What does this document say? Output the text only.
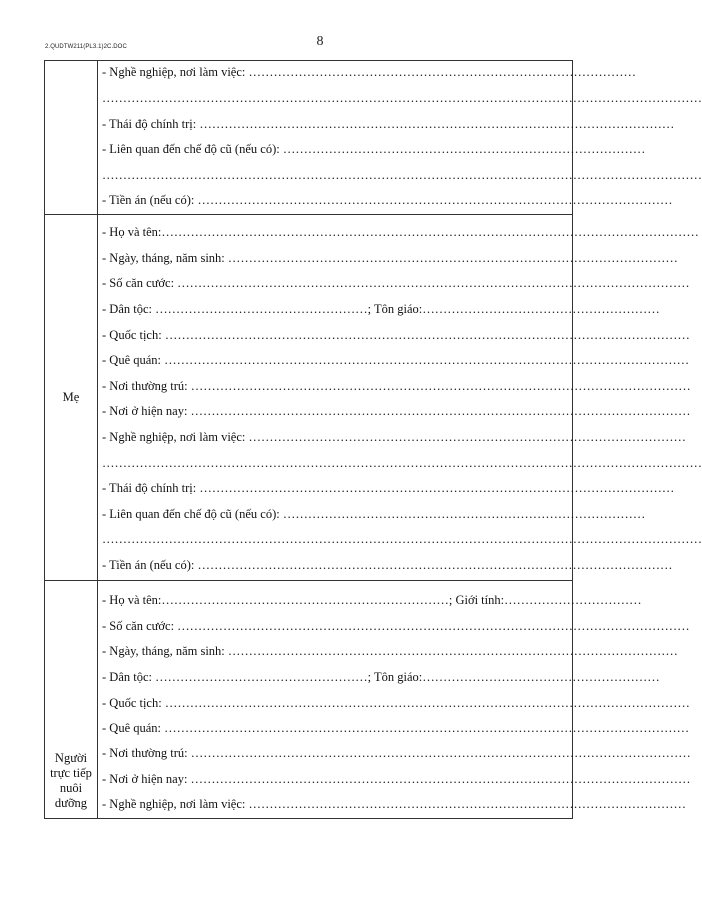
2.QUDTW211(PL3.1)2C.DOC	8
- Nghề nghiệp, nơi làm việc: …………………………………………………………………………………
………………………………………………………………………………………………………………………………
- Thái độ chính trị: ……………………………………………………………………………………………………
- Liên quan đến chế độ cũ (nếu có): ……………………………………………………………………………
………………………………………………………………………………………………………………………………
- Tiền án (nếu có): ……………………………………………………………………………………………………
Mẹ
- Họ và tên:…………………………………………………………………………………………………………………
- Ngày, tháng, năm sinh: ………………………………………………………………………………………………
- Số căn cước: ……………………………………………………………………………………………………………
- Dân tộc: ……………………………………………; Tôn giáo:…………………………………………………
- Quốc tịch: ………………………………………………………………………………………………………………
- Quê quán: ………………………………………………………………………………………………………………
- Nơi thường trú: …………………………………………………………………………………………………………
- Nơi ở hiện nay: …………………………………………………………………………………………………………
- Nghề nghiệp, nơi làm việc: ……………………………………………………………………………………………
………………………………………………………………………………………………………………………………
- Thái độ chính trị: ……………………………………………………………………………………………………
- Liên quan đến chế độ cũ (nếu có): ……………………………………………………………………………
………………………………………………………………………………………………………………………………
- Tiền án (nếu có): ……………………………………………………………………………………………………
Người trực tiếp nuôi dưỡng
- Họ và tên:……………………………………………………………; Giới tính:……………………………
- Số căn cước: ……………………………………………………………………………………………………………
- Ngày, tháng, năm sinh: ………………………………………………………………………………………………
- Dân tộc: ……………………………………………; Tôn giáo:…………………………………………………
- Quốc tịch: ………………………………………………………………………………………………………………
- Quê quán: ………………………………………………………………………………………………………………
- Nơi thường trú: …………………………………………………………………………………………………………
- Nơi ở hiện nay: …………………………………………………………………………………………………………
- Nghề nghiệp, nơi làm việc: ……………………………………………………………………………………………
